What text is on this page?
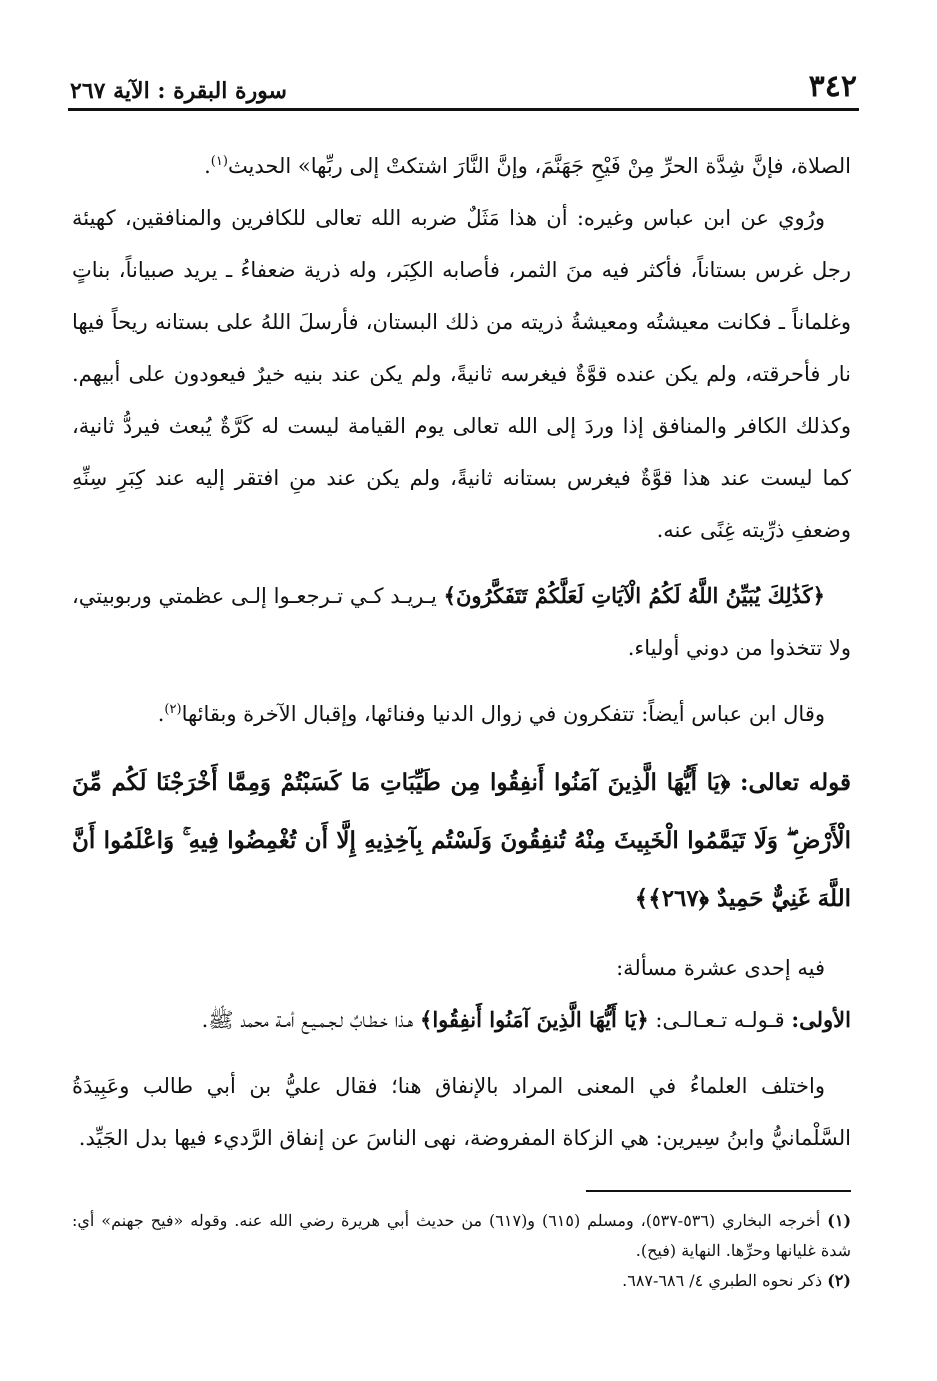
٣٤٢
سورة البقرة : الآية ٢٦٧

الصلاة، فإنَّ شِدَّة الحرِّ مِنْ فَيْحِ جَهَنَّمَ، وإنَّ النَّارَ اشتكتْ إلى ربِّها» الحديث$^{(١)}$.

ورُوي عن ابن عباس وغيره: أن هذا مَثَلٌ ضربه الله تعالى للكافرين والمنافقين، كهيئة رجل غرس بستاناً، فأكثر فيه منَ الثمر، فأصابه الكِبَر، وله ذرية ضعفاءُ ـ يريد صبياناً، بناتٍ وغلماناً ـ فكانت معيشتُه ومعيشةُ ذريته من ذلك البستان، فأرسلَ اللهُ على بستانه ريحاً فيها نار فأحرقته، ولم يكن عنده قوَّةٌ فيغرسه ثانيةً، ولم يكن عند بنيه خيرٌ فيعودون على أبيهم. وكذلك الكافر والمنافق إذا وردَ إلى الله تعالى يوم القيامة ليست له كَرَّةٌ يُبعث فيردُّ ثانية، كما ليست عند هذا قوَّةٌ فيغرس بستانه ثانيةً، ولم يكن عند منِ افتقر إليه عند كِبَرِ سِنِّهِ وضعفِ ذرِّيته غِنًى عنه.

﴿كَذَٰلِكَ يُبَيِّنُ اللَّهُ لَكُمُ الْآيَاتِ لَعَلَّكُمْ تَتَفَكَّرُونَ﴾ يـريـد كـي تـرجعـوا إلـى عظمتي وربوبيتي، ولا تتخذوا من دوني أولياء.

وقال ابن عباس أيضاً: تتفكرون في زوال الدنيا وفنائها، وإقبال الآخرة وبقائها$^{(٢)}$.

قوله تعالى: ﴿يَا أَيُّهَا الَّذِينَ آمَنُوا أَنفِقُوا مِن طَيِّبَاتِ مَا كَسَبْتُمْ وَمِمَّا أَخْرَجْنَا لَكُم مِّنَ الْأَرْضِ ۖ وَلَا تَيَمَّمُوا الْخَبِيثَ مِنْهُ تُنفِقُونَ وَلَسْتُم بِآخِذِيهِ إِلَّا أَن تُغْمِضُوا فِيهِ ۚ وَاعْلَمُوا أَنَّ اللَّهَ غَنِيٌّ حَمِيدٌ ﴿٢٦٧﴾﴾

فيه إحدى عشرة مسألة:

الأولى: قـولـه تـعـالـى: ﴿يَا أَيُّهَا الَّذِينَ آمَنُوا أَنفِقُوا﴾ هـذا خـطـابٌ لـجـمـيـع أمـة محمد ﷺ.

واختلف العلماءُ في المعنى المراد بالإنفاق هنا؛ فقال عليُّ بن أبي طالب وعَبِيدَةُ السَّلْمانيُّ وابنُ سِيرين: هي الزكاة المفروضة، نهى الناسَ عن إنفاق الرَّديء فيها بدل الجَيِّد.

(١) أخرجه البخاري (٥٣٦-٥٣٧)، ومسلم (٦١٥) و(٦١٧) من حديث أبي هريرة رضي الله عنه. وقوله «فيح جهنم» أي: شدة غليانها وحرِّها. النهاية (فيح).

(٢) ذكر نحوه الطبري ٤/ ٦٨٦-٦٨٧.
